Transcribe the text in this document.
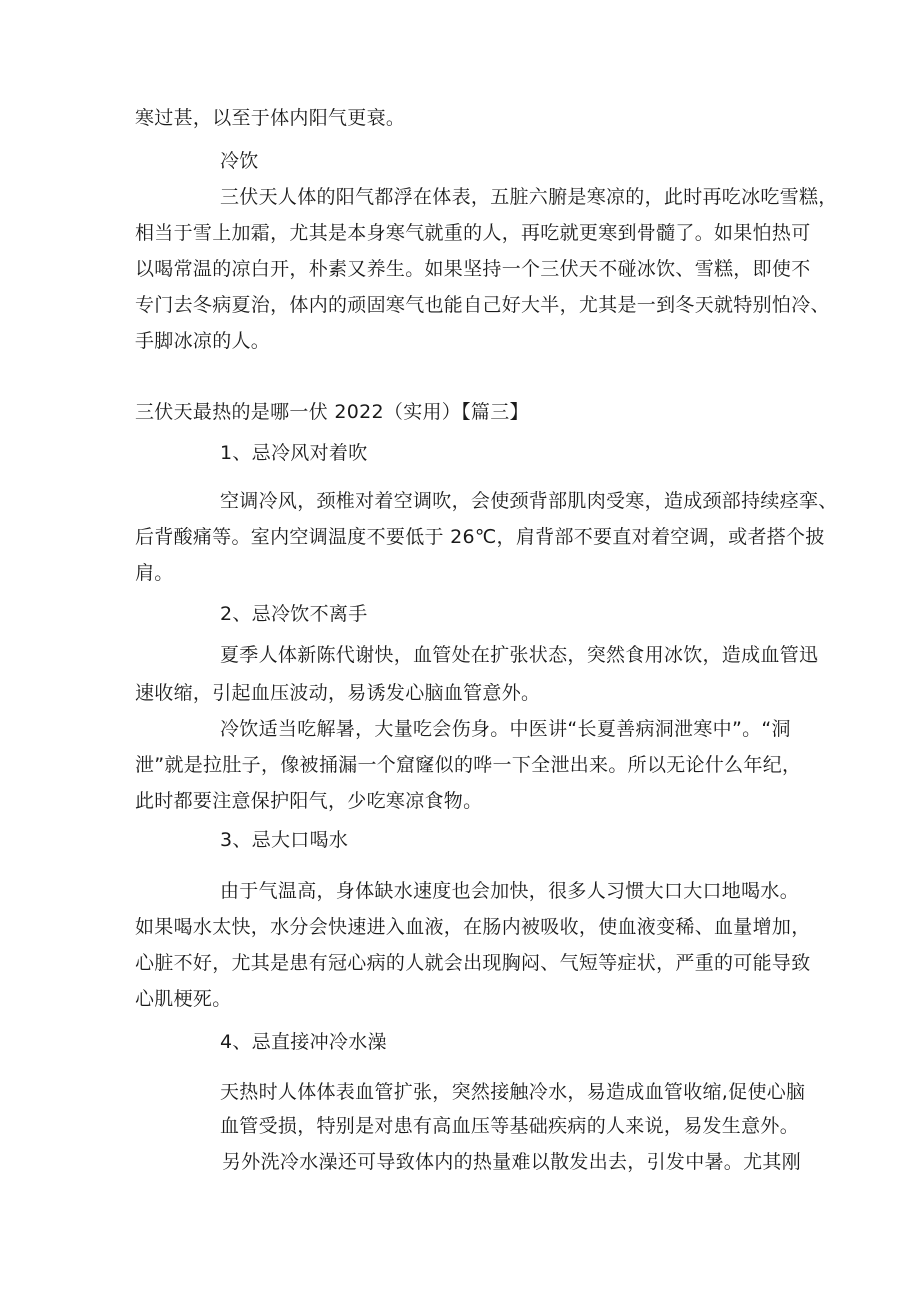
寒过甚，以至于体内阳气更衰。
冷饮
三伏天人体的阳气都浮在体表，五脏六腑是寒凉的，此时再吃冰吃雪糕，
相当于雪上加霜，尤其是本身寒气就重的人，再吃就更寒到骨髓了。如果怕热可
以喝常温的凉白开，朴素又养生。如果坚持一个三伏天不碰冰饮、雪糕，即使不
专门去冬病夏治，体内的顽固寒气也能自己好大半，尤其是一到冬天就特别怕冷、
手脚冰凉的人。
三伏天最热的是哪一伏 2022（实用）【篇三】
1、忌冷风对着吹
空调冷风，颈椎对着空调吹，会使颈背部肌肉受寒，造成颈部持续痉挛、
后背酸痛等。室内空调温度不要低于 26℃，肩背部不要直对着空调，或者搭个披
肩。
2、忌冷饮不离手
夏季人体新陈代谢快，血管处在扩张状态，突然食用冰饮，造成血管迅
速收缩，引起血压波动，易诱发心脑血管意外。
冷饮适当吃解暑，大量吃会伤身。中医讲“长夏善病洞泄寒中”。“洞
泄”就是拉肚子，像被捅漏一个窟窿似的哗一下全泄出来。所以无论什么年纪，
此时都要注意保护阳气，少吃寒凉食物。
3、忌大口喝水
由于气温高，身体缺水速度也会加快，很多人习惯大口大口地喝水。
如果喝水太快，水分会快速进入血液，在肠内被吸收，使血液变稀、血量增加，
心脏不好，尤其是患有冠心病的人就会出现胸闷、气短等症状，严重的可能导致
心肌梗死。
4、忌直接冲冷水澡
天热时人体体表血管扩张，突然接触冷水，易造成血管收缩,促使心脑
血管受损，特别是对患有高血压等基础疾病的人来说，易发生意外。
另外洗冷水澡还可导致体内的热量难以散发出去，引发中暑。尤其刚
